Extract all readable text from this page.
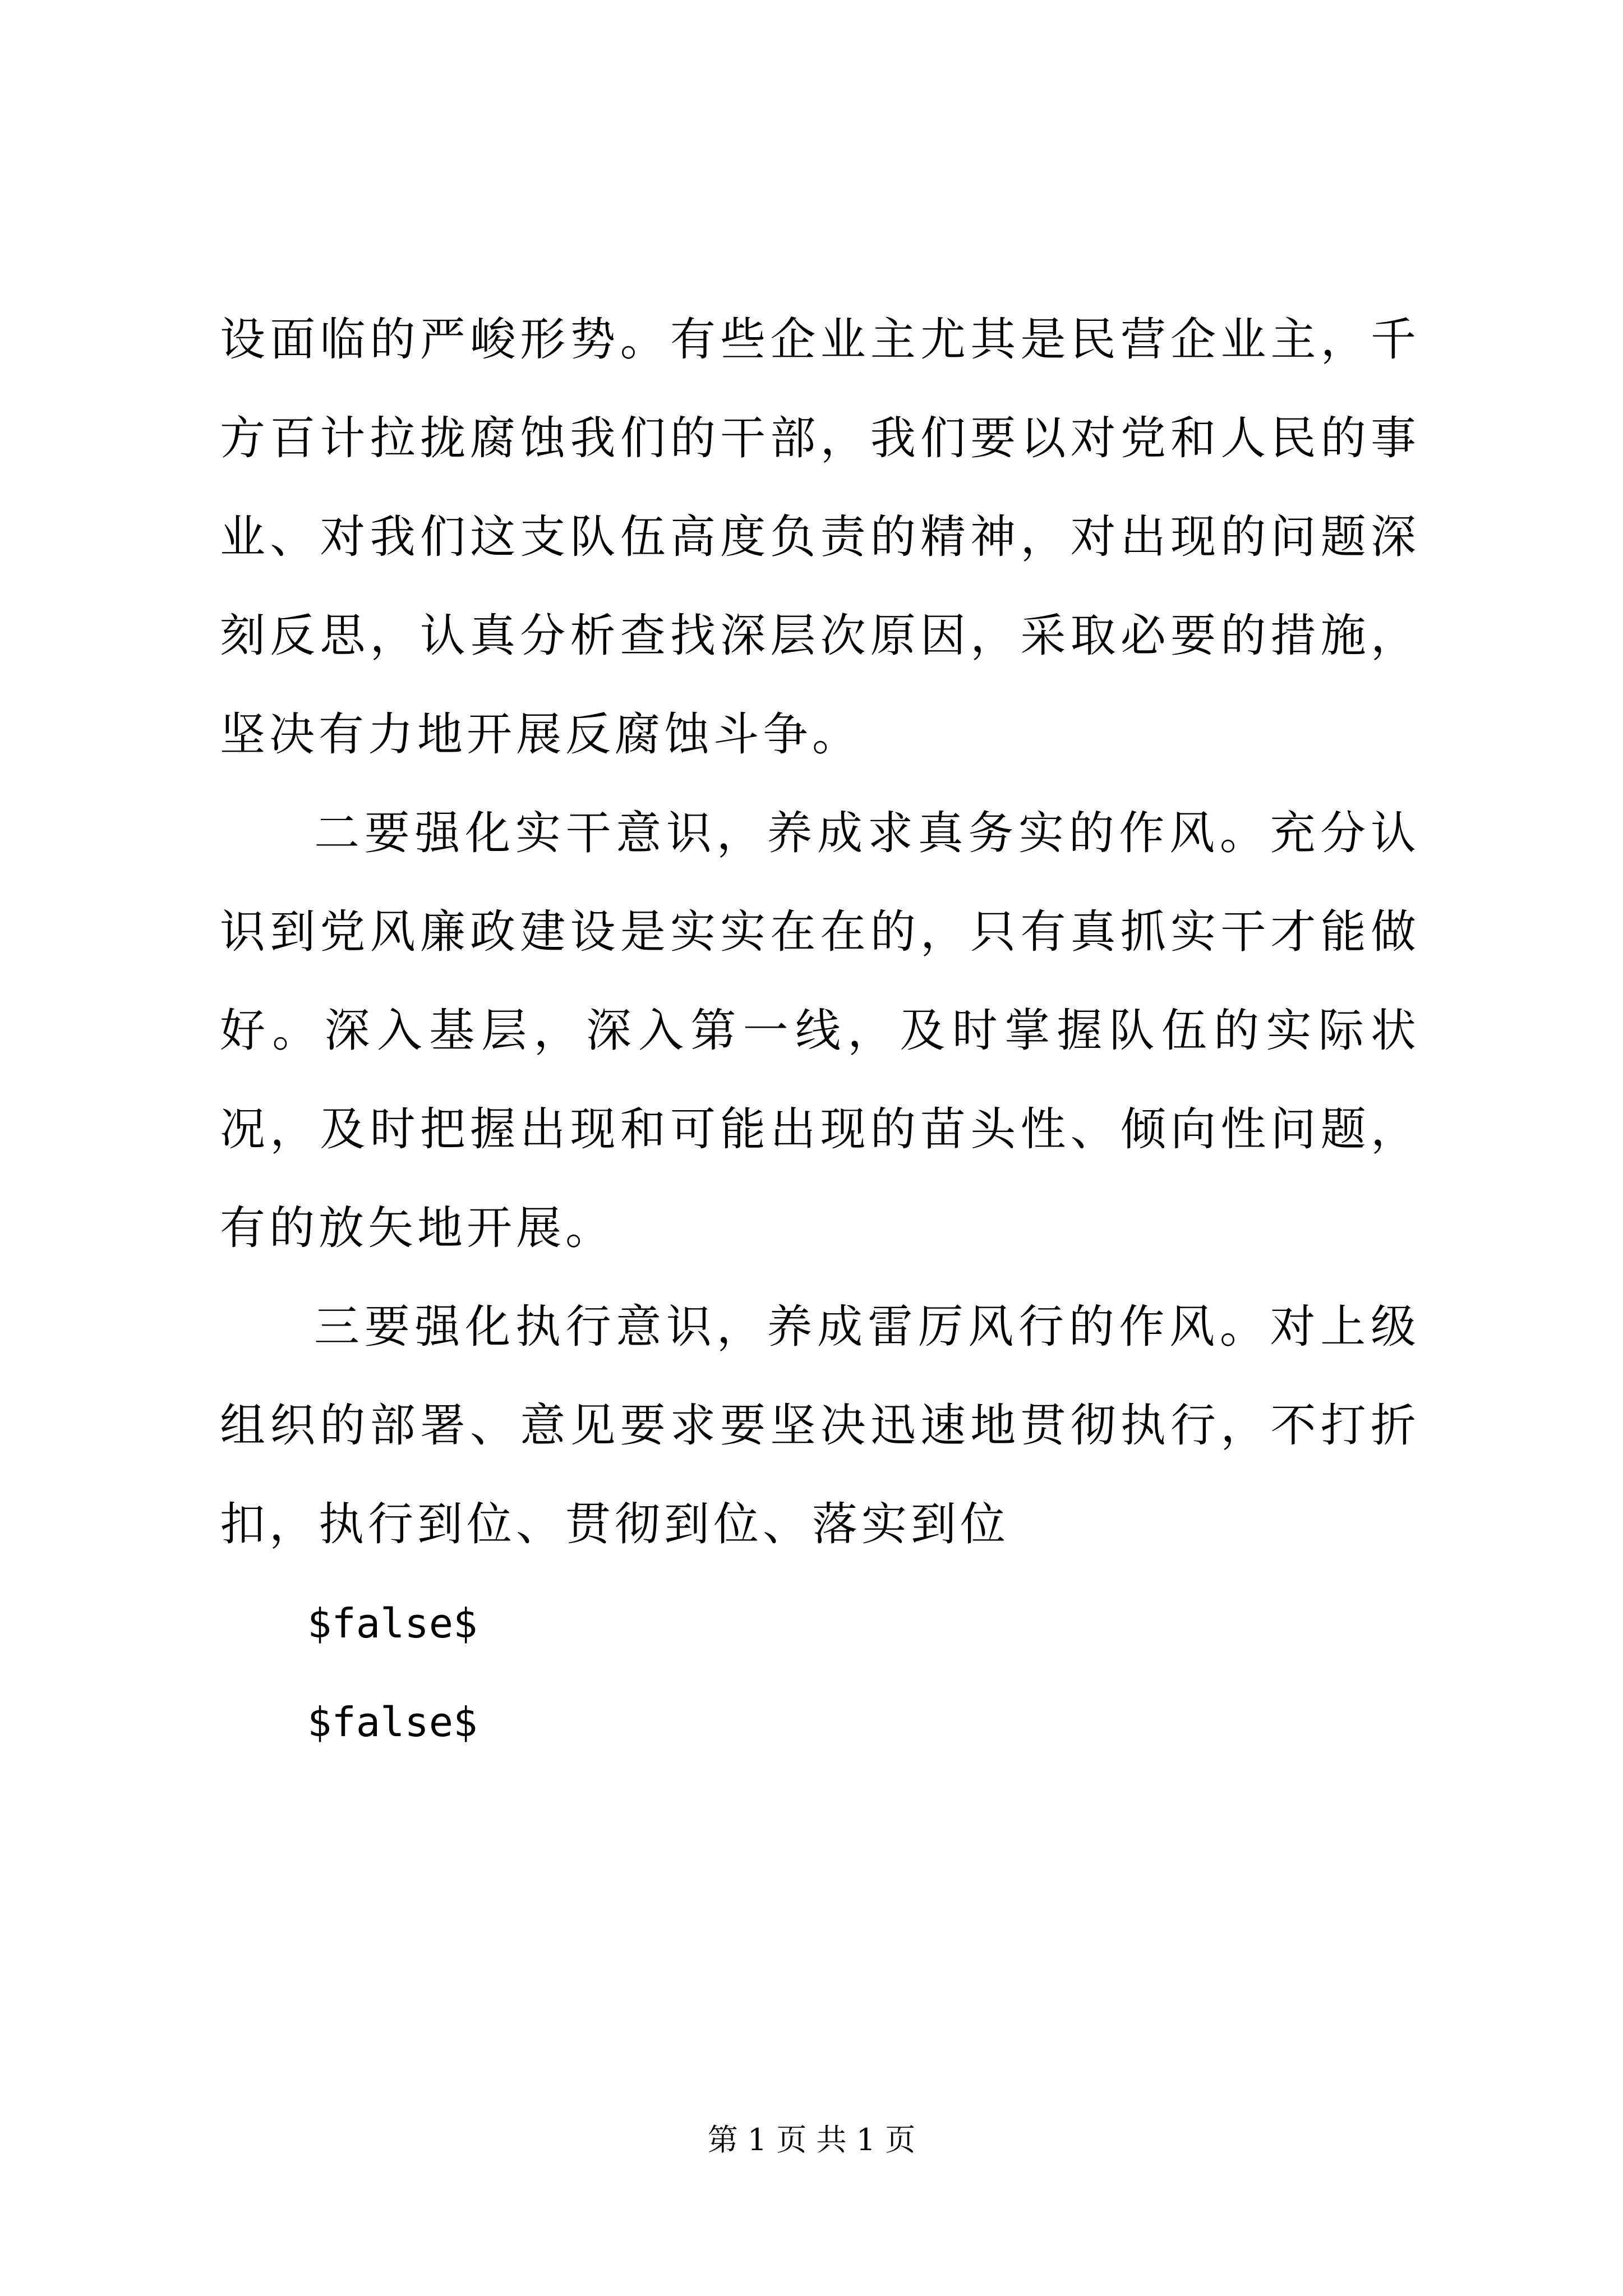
设面临的严峻形势。有些企业主尤其是民营企业主，千方百计拉拢腐蚀我们的干部，我们要以对党和人民的事业、对我们这支队伍高度负责的精神，对出现的问题深刻反思，认真分析查找深层次原因，采取必要的措施，坚决有力地开展反腐蚀斗争。

二要强化实干意识，养成求真务实的作风。充分认识到党风廉政建设是实实在在的，只有真抓实干才能做好。深入基层，深入第一线，及时掌握队伍的实际状况，及时把握出现和可能出现的苗头性、倾向性问题，有的放矢地开展。

三要强化执行意识，养成雷厉风行的作风。对上级组织的部署、意见要求要坚决迅速地贯彻执行，不打折扣，执行到位、贯彻到位、落实到位

$false$

$false$

第 1 页 共 1 页
